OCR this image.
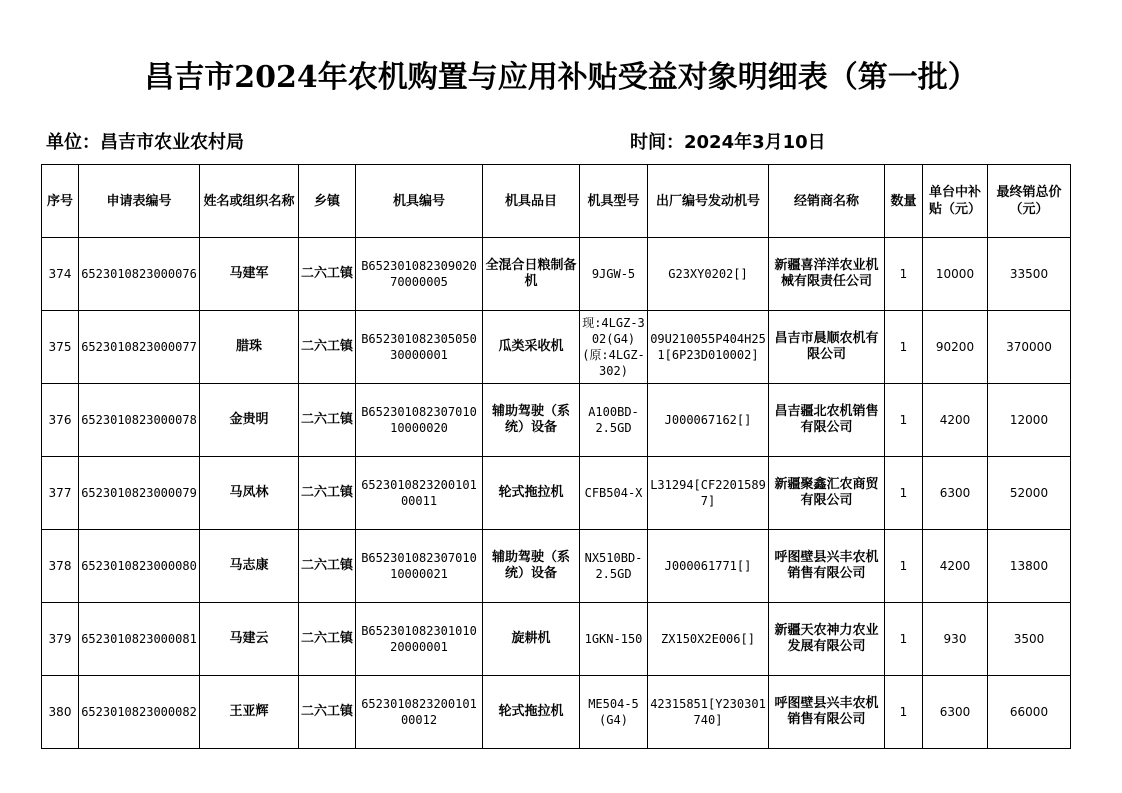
昌吉市2024年农机购置与应用补贴受益对象明细表（第一批）
单位：昌吉市农业农村局	时间：2024年3月10日
序号	申请表编号	姓名或组织名称	乡镇	机具编号	机具品目	机具型号	出厂编号发动机号	经销商名称	数量	单台中补贴（元）	最终销总价（元）
374	6523010823000076	马建军	二六工镇	B65230108230902070000005	全混合日粮制备机	9JGW-5	G23XY0202[]	新疆喜洋洋农业机械有限责任公司	1	10000	33500
375	6523010823000077	腊珠	二六工镇	B65230108230505030000001	瓜类采收机	现:4LGZ-302(G4)(原:4LGZ-302)	09U210055P404H251[6P23D010002]	昌吉市晨顺农机有限公司	1	90200	370000
376	6523010823000078	金贵明	二六工镇	B65230108230701010000020	辅助驾驶（系统）设备	A100BD-2.5GD	J000067162[]	昌吉疆北农机销售有限公司	1	4200	12000
377	6523010823000079	马凤林	二六工镇	652301082320010100011	轮式拖拉机	CFB504-X	L31294[CF22015897]	新疆聚鑫汇农商贸有限公司	1	6300	52000
378	6523010823000080	马志康	二六工镇	B65230108230701010000021	辅助驾驶（系统）设备	NX510BD-2.5GD	J000061771[]	呼图壁县兴丰农机销售有限公司	1	4200	13800
379	6523010823000081	马建云	二六工镇	B65230108230101020000001	旋耕机	1GKN-150	ZX150X2E006[]	新疆天农神力农业发展有限公司	1	930	3500
380	6523010823000082	王亚辉	二六工镇	652301082320010100012	轮式拖拉机	ME504-5(G4)	42315851[Y230301740]	呼图壁县兴丰农机销售有限公司	1	6300	66000
